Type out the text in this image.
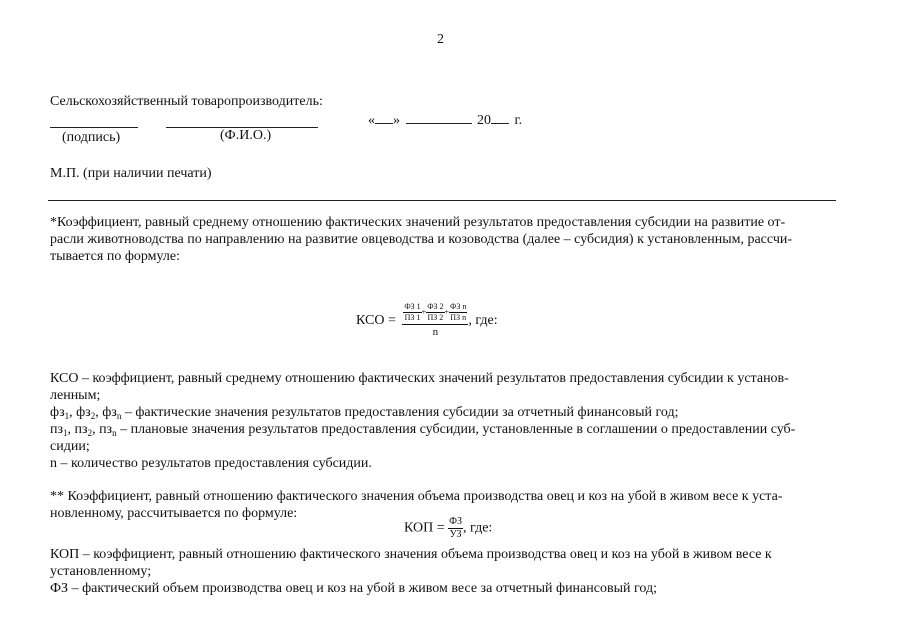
2
Сельскохозяйственный товаропроизводитель:
« »	20 г.
(подпись)	(Ф.И.О.)
М.П. (при наличии печати)
*Коэффициент, равный среднему отношению фактических значений результатов предоставления субсидии на развитие от-
расли животноводства по направлению на развитие овцеводства и козоводства (далее – субсидия) к установленным, рассчи-
тывается по формуле:
КСО = $\frac{\frac{ФЗ 1}{ПЗ 1} + \frac{ФЗ 2}{ПЗ 2} + \frac{\text{ФЗ n}}{\text{ПЗ n}}}{n}$ , где:
КСО – коэффициент, равный среднему отношению фактических значений результатов предоставления субсидии к установ-
ленным;
$фз_1$, $фз_2$, $фз_n$ – фактические значения результатов предоставления субсидии за отчетный финансовый год;
$пз_1$, $пз_2$, $пз_n$ – плановые значения результатов предоставления субсидии, установленные в соглашении о предоставлении суб-
сидии;
n – количество результатов предоставления субсидии.
** Коэффициент, равный отношению фактического значения объема производства овец и коз на убой в живом весе к уста-
новленному, рассчитывается по формуле:
КОП = $\frac{ФЗ}{УЗ}$ , где:
КОП – коэффициент, равный отношению фактического значения объема производства овец и коз на убой в живом весе к
установленному;
ФЗ – фактический объем производства овец и коз на убой в живом весе за отчетный финансовый год;
